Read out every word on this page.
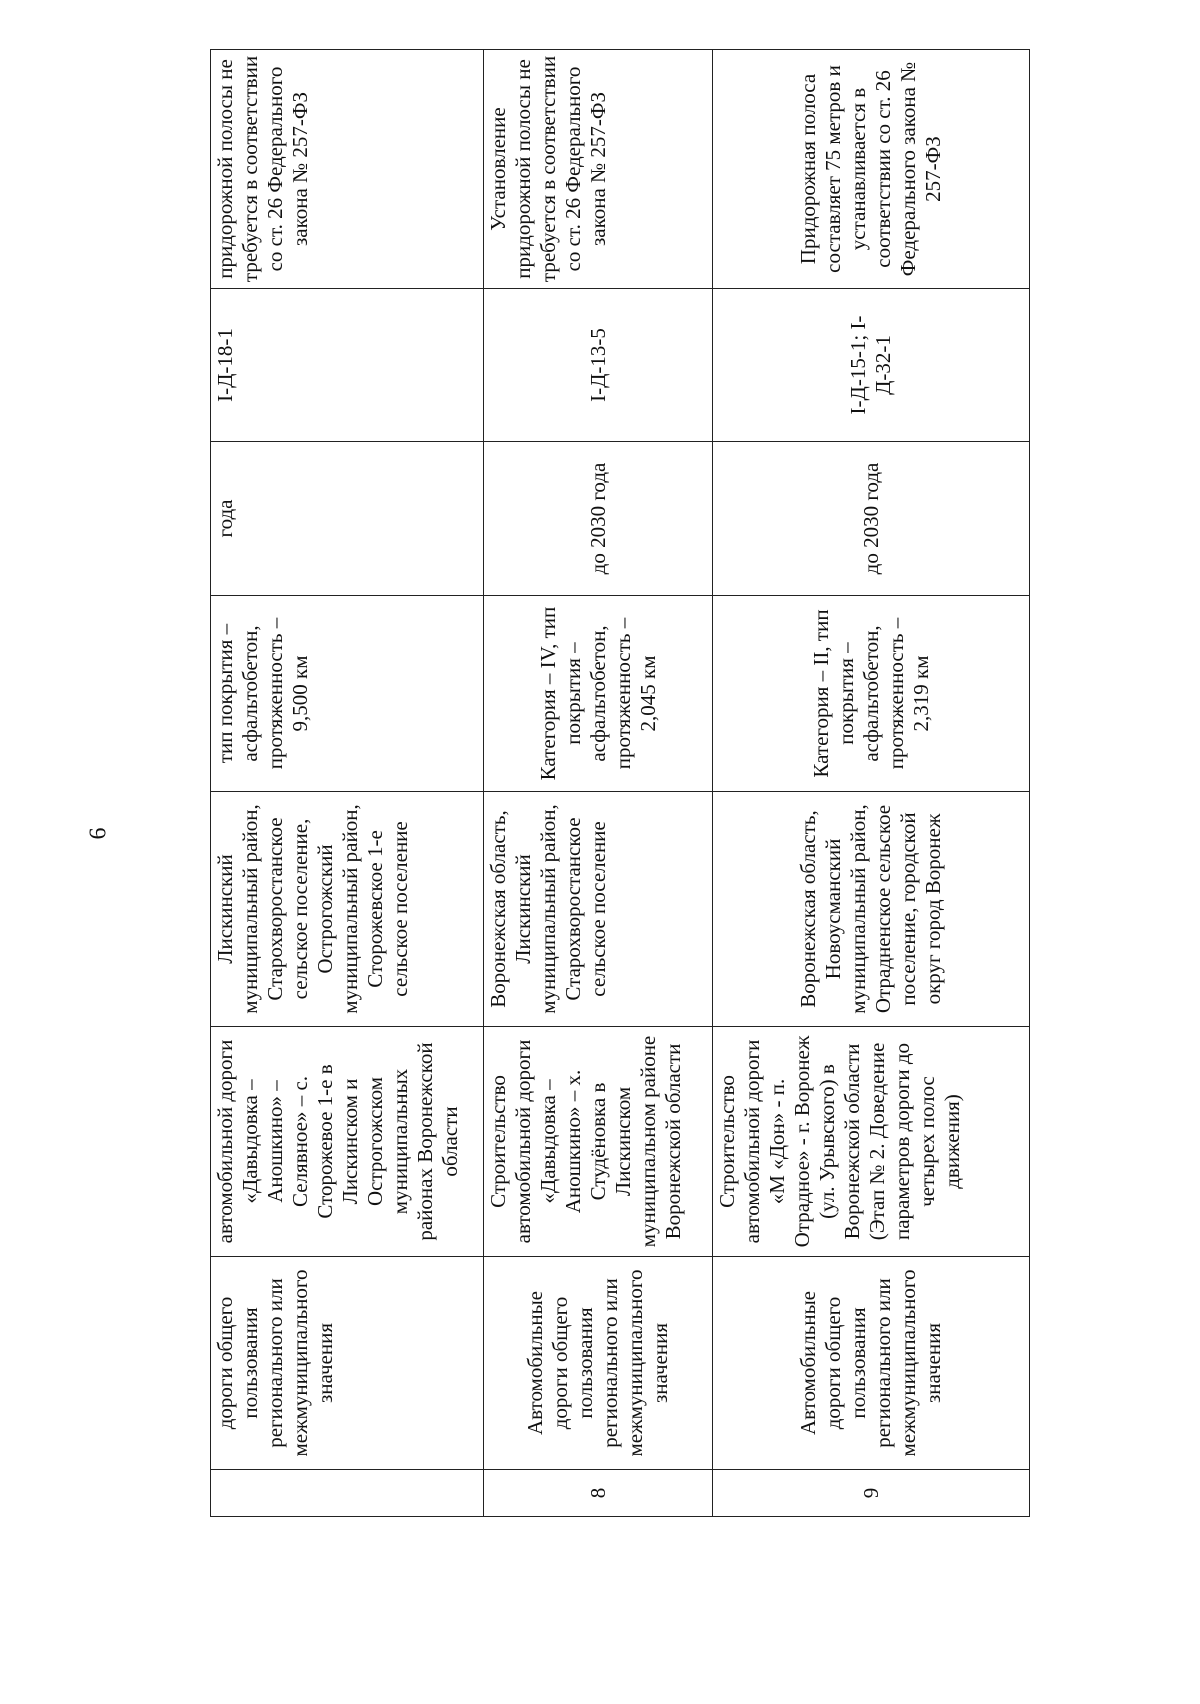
6
	дороги общего пользования регионального или межмуниципального значения	автомобильной дороги «Давыдовка – Аношкино» – Селявное» – с. Сторожевое 1-е в Лискинском и Острогожском муниципальных районах Воронежской области	Лискинский муниципальный район, Старохворостанское сельское поселение, Острогожский муниципальный район, Сторожевское 1-е сельское поселение	тип покрытия – асфальтобетон, протяженность – 9,500 км	года	I-Д-18-1	придорожной полосы не требуется в соответствии со ст. 26 Федерального закона № 257-ФЗ
8	Автомобильные дороги общего пользования регионального или межмуниципального значения	Строительство автомобильной дороги «Давыдовка – Аношкино» – х. Студёновка в Лискинском муниципальном районе Воронежской области	Воронежская область, Лискинский муниципальный район, Старохворостанское сельское поселение	Категория – IV, тип покрытия – асфальтобетон, протяженность – 2,045 км	до 2030 года	I-Д-13-5	Установление придорожной полосы не требуется в соответствии со ст. 26 Федерального закона № 257-ФЗ
9	Автомобильные дороги общего пользования регионального или межмуниципального значения	Строительство автомобильной дороги «М «Дон» - п. Отрадное» - г. Воронеж (ул. Урывского) в Воронежской области (Этап № 2. Доведение параметров дороги до четырех полос движения)	Воронежская область, Новоусманский муниципальный район, Отрадненское сельское поселение, городской округ город Воронеж	Категория – II, тип покрытия – асфальтобетон, протяженность – 2,319 км	до 2030 года	I-Д-15-1; I-Д-32-1	Придорожная полоса составляет 75 метров и устанавливается в соответствии со ст. 26 Федерального закона № 257-ФЗ
